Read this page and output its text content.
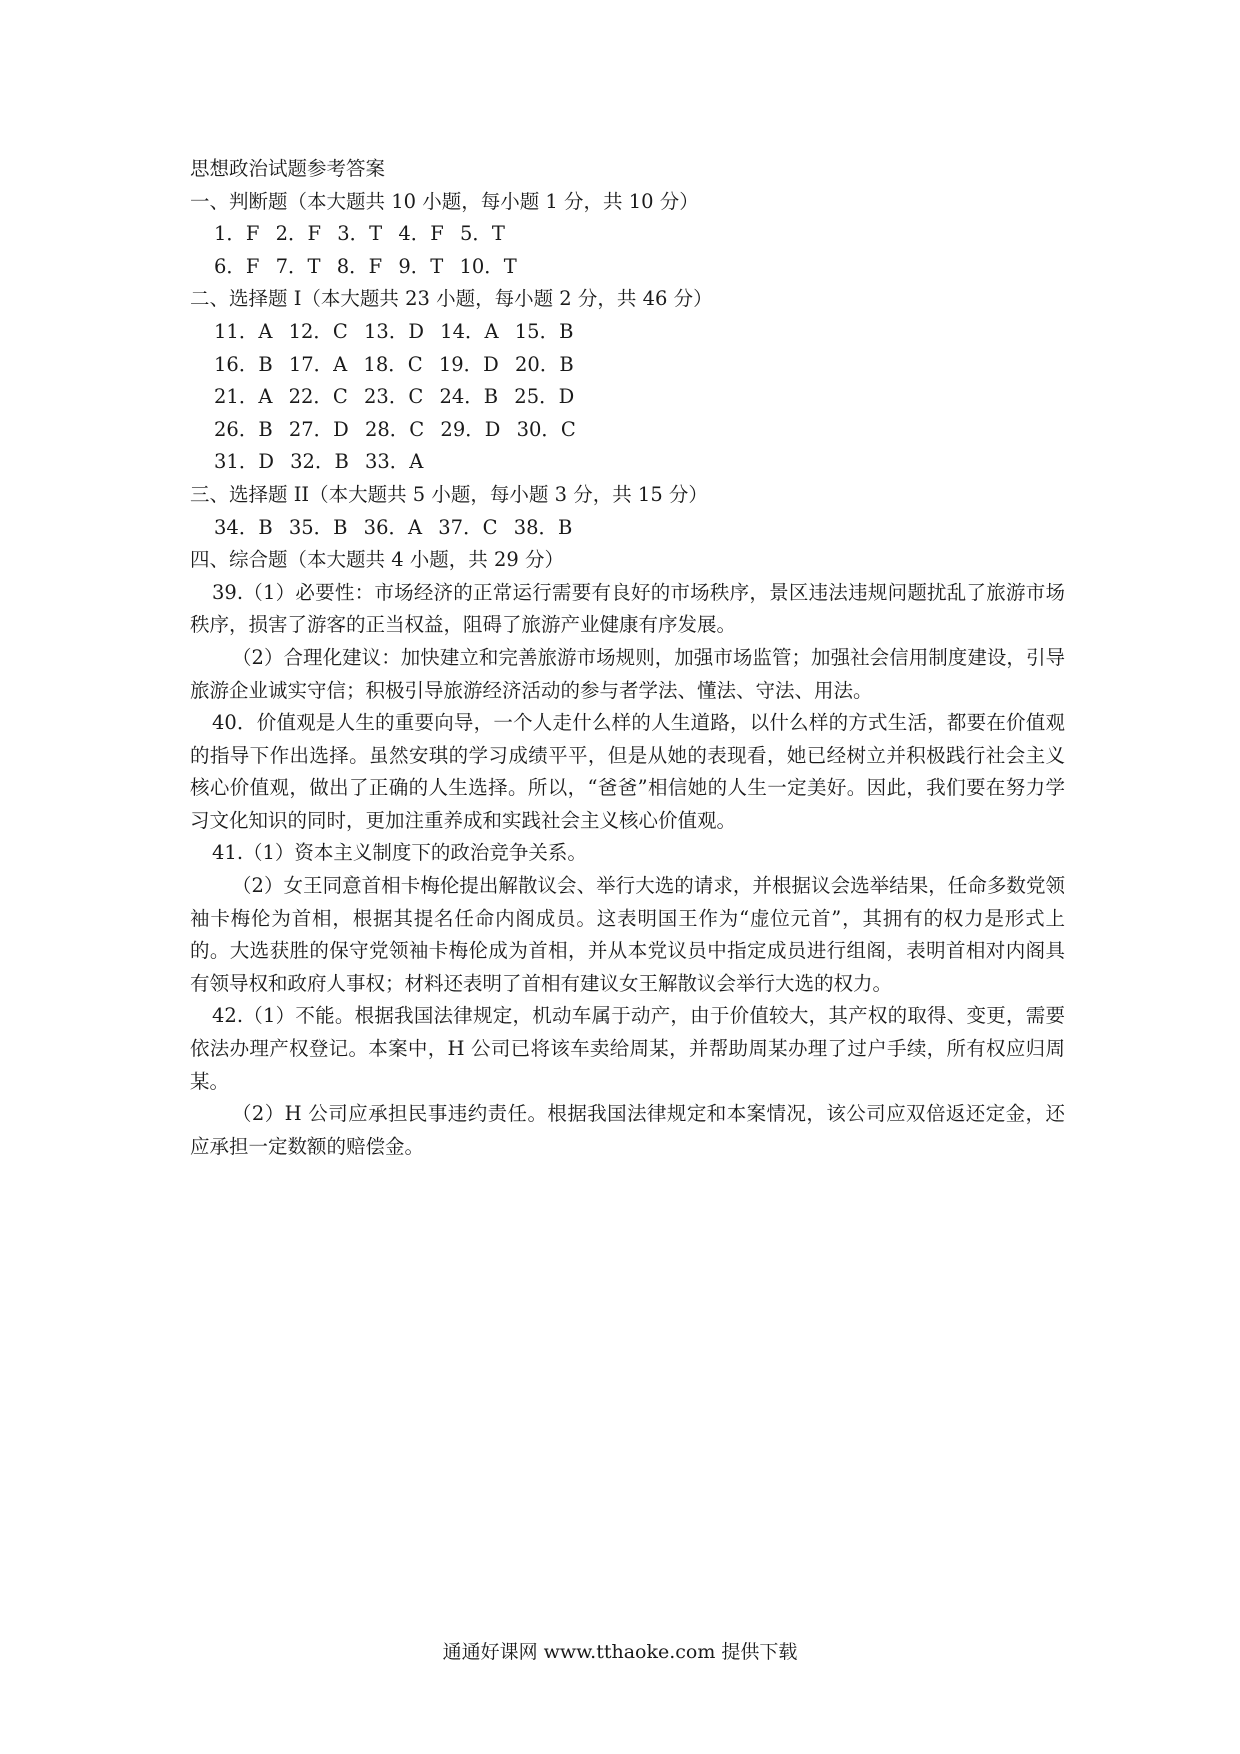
思想政治试题参考答案
一、判断题（本大题共 10 小题，每小题 1 分，共 10 分）
1．F 2．F 3．T 4．F 5．T
6．F 7．T 8．F 9．T 10．T
二、选择题 I（本大题共 23 小题，每小题 2 分，共 46 分）
11．A 12．C 13．D 14．A 15．B
16．B 17．A 18．C 19．D 20．B
21．A 22．C 23．C 24．B 25．D
26．B 27．D 28．C 29．D 30．C
31．D 32．B 33．A
三、选择题 II（本大题共 5 小题，每小题 3 分，共 15 分）
34．B 35．B 36．A 37．C 38．B
四、综合题（本大题共 4 小题，共 29 分）

39.（1）必要性：市场经济的正常运行需要有良好的市场秩序，景区违法违规问题扰乱了旅游市场秩序，损害了游客的正当权益，阻碍了旅游产业健康有序发展。

（2）合理化建议：加快建立和完善旅游市场规则，加强市场监管；加强社会信用制度建设，引导旅游企业诚实守信；积极引导旅游经济活动的参与者学法、懂法、守法、用法。

40．价值观是人生的重要向导，一个人走什么样的人生道路，以什么样的方式生活，都要在价值观的指导下作出选择。虽然安琪的学习成绩平平，但是从她的表现看，她已经树立并积极践行社会主义核心价值观，做出了正确的人生选择。所以，“爸爸”相信她的人生一定美好。因此，我们要在努力学习文化知识的同时，更加注重养成和实践社会主义核心价值观。

41.（1）资本主义制度下的政治竞争关系。

（2）女王同意首相卡梅伦提出解散议会、举行大选的请求，并根据议会选举结果，任命多数党领袖卡梅伦为首相，根据其提名任命内阁成员。这表明国王作为“虚位元首”，其拥有的权力是形式上的。大选获胜的保守党领袖卡梅伦成为首相，并从本党议员中指定成员进行组阁，表明首相对内阁具有领导权和政府人事权；材料还表明了首相有建议女王解散议会举行大选的权力。

42.（1）不能。根据我国法律规定，机动车属于动产，由于价值较大，其产权的取得、变更，需要依法办理产权登记。本案中，H 公司已将该车卖给周某，并帮助周某办理了过户手续，所有权应归周某。

（2）H 公司应承担民事违约责任。根据我国法律规定和本案情况，该公司应双倍返还定金，还应承担一定数额的赔偿金。

通通好课网 www.tthaoke.com 提供下载
